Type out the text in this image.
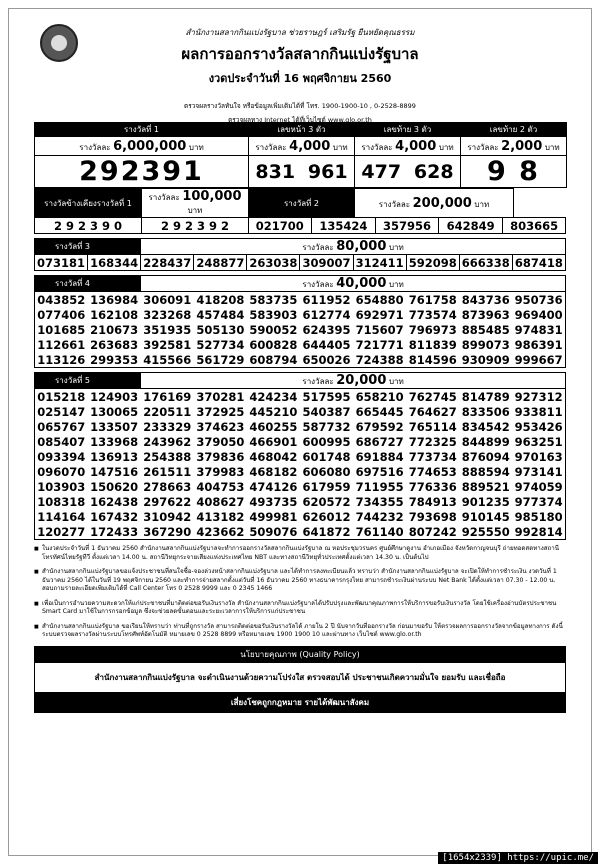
สำนักงานสลากกินแบ่งรัฐบาล ช่วยราษฎร์ เสริมรัฐ ยืนหยัดคุณธรรม
ผลการออกรางวัลสลากกินแบ่งรัฐบาล
งวดประจำวันที่ 16 พฤศจิกายน 2560
ตรวจผลรางวัลทันใจ หรือข้อมูลเพิ่มเติมได้ที่ โทร. 1900-1900-10 , 0-2528-8899
ตรวจผลทาง Internet ได้ที่เว็บไซต์ www.glo.or.th
รางวัลที่ 1	เลขหน้า 3 ตัว	เลขท้าย 3 ตัว	เลขท้าย 2 ตัว
รางวัลละ 6,000,000 บาท	รางวัลละ 4,000 บาท	รางวัลละ 4,000 บาท	รางวัลละ 2,000 บาท
292391	831 961	477 628	9 8
รางวัลข้างเคียงรางวัลที่ 1	รางวัลละ 100,000 บาท	รางวัลที่ 2	รางวัลละ 200,000 บาท	
2 9 2 3 9 0	2 9 2 3 9 2		
	021700	135424	357956	642849	803665
รางวัลที่ 3		รางวัลละ 80,000 บาท							
073181	168344	228437	248877	263038	309007	312411	592098	666338	687418
รางวัลที่ 4	รางวัลละ 40,000 บาท
043852	136984	306091	418208	583735	611952	654880	761758	843736	950736
077406	162108	323268	457484	583903	612774	692971	773574	873963	969400
101685	210673	351935	505130	590052	624395	715607	796973	885485	974831
112661	263683	392581	527734	600828	644405	721771	811839	899073	986391
113126	299353	415566	561729	608794	650026	724388	814596	930909	999667
รางวัลที่ 5	รางวัลละ 20,000 บาท
015218	124903	176169	370281	424234	517595	658210	762745	814789	927312
025147	130065	220511	372925	445210	540387	665445	764627	833506	933811
065767	133507	233329	374623	460255	587732	679592	765114	834542	953426
085407	133968	243962	379050	466901	600995	686727	772325	844899	963251
093394	136913	254388	379836	468042	601748	691884	773734	876094	970163
096070	147516	261511	379983	468182	606080	697516	774653	888594	973141
103903	150620	278663	404753	474126	617959	711955	776336	889521	974059
108318	162438	297622	408627	493735	620572	734355	784913	901235	977374
114164	167432	310942	413182	499981	626012	744232	793698	910145	985180
120277	172433	367290	423662	509076	641872	761140	807242	925550	992814

■ ในงวดประจำวันที่ 1 ธันวาคม 2560 สำนักงานสลากกินแบ่งรัฐบาลจะทำการออกรางวัลสลากกินแบ่งรัฐบาล ณ หอประชุมวรนคร ศูนย์ศึกษาดูงาน อำเภอเมือง จังหวัดกาญจนบุรี ถ่ายทอดสดทางสถานีโทรทัศน์ไทยรัฐทีวี ตั้งแต่เวลา 14.00 น. สถานีวิทยุกระจายเสียงแห่งประเทศไทย NBT และทางสถานีวิทยุทั่วประเทศตั้งแต่เวลา 14.30 น. เป็นต้นไป

■ สำนักงานสลากกินแบ่งรัฐบาลขอแจ้งประชาชนที่สนใจซื้อ-จองล่วงหน้าสลากกินแบ่งรัฐบาล และได้ทำการลงทะเบียนแล้ว ทราบว่า สำนักงานสลากกินแบ่งรัฐบาล จะเปิดให้ทำการชำระเงิน งวดวันที่ 1 ธันวาคม 2560 ได้ในวันที่ 19 พฤศจิกายน 2560 และทำการจ่ายสลากตั้งแต่วันที่ 16 ธันวาคม 2560 ทางธนาคารกรุงไทย สามารถชำระเงินผ่านระบบ Net Bank ได้ตั้งแต่เวลา 07.30 - 12.00 น. สอบถามรายละเอียดเพิ่มเติมได้ที่ Call Center โทร 0 2528 9999 และ 0 2345 1466

■ เพื่อเป็นการอำนวยความสะดวกให้แก่ประชาชนที่มาติดต่อขอรับเงินรางวัล สำนักงานสลากกินแบ่งรัฐบาลได้ปรับปรุงและพัฒนาคุณภาพการให้บริการขอรับเงินรางวัล โดยใช้เครื่องอ่านบัตรประชาชน Smart Card มาใช้ในการกรอกข้อมูล ซึ่งจะช่วยลดขั้นตอนและระยะเวลาการให้บริการแก่ประชาชน

■ สำนักงานสลากกินแบ่งรัฐบาล ขอเรียนให้ทราบว่า ท่านที่ถูกรางวัล สามารถติดต่อขอรับเงินรางวัลได้ ภายใน 2 ปี นับจากวันที่ออกรางวัล ก่อนมาขอรับ ให้ตรวจผลการออกรางวัลจากข้อมูลทางการ ดังนี้ ระบบตรวจผลรางวัลผ่านระบบโทรศัพท์อัตโนมัติ หมายเลข 0 2528 8899 หรือหมายเลข 1900 1900 10 และผ่านทาง เว็บไซต์ www.glo.or.th

นโยบายคุณภาพ (Quality Policy)
สำนักงานสลากกินแบ่งรัฐบาล จะดำเนินงานด้วยความโปร่งใส ตรวจสอบได้ ประชาชนเกิดความมั่นใจ ยอมรับ และเชื่อถือ
เสี่ยงโชคถูกกฎหมาย รายได้พัฒนาสังคม
[1654x2339] https://upic.me/
